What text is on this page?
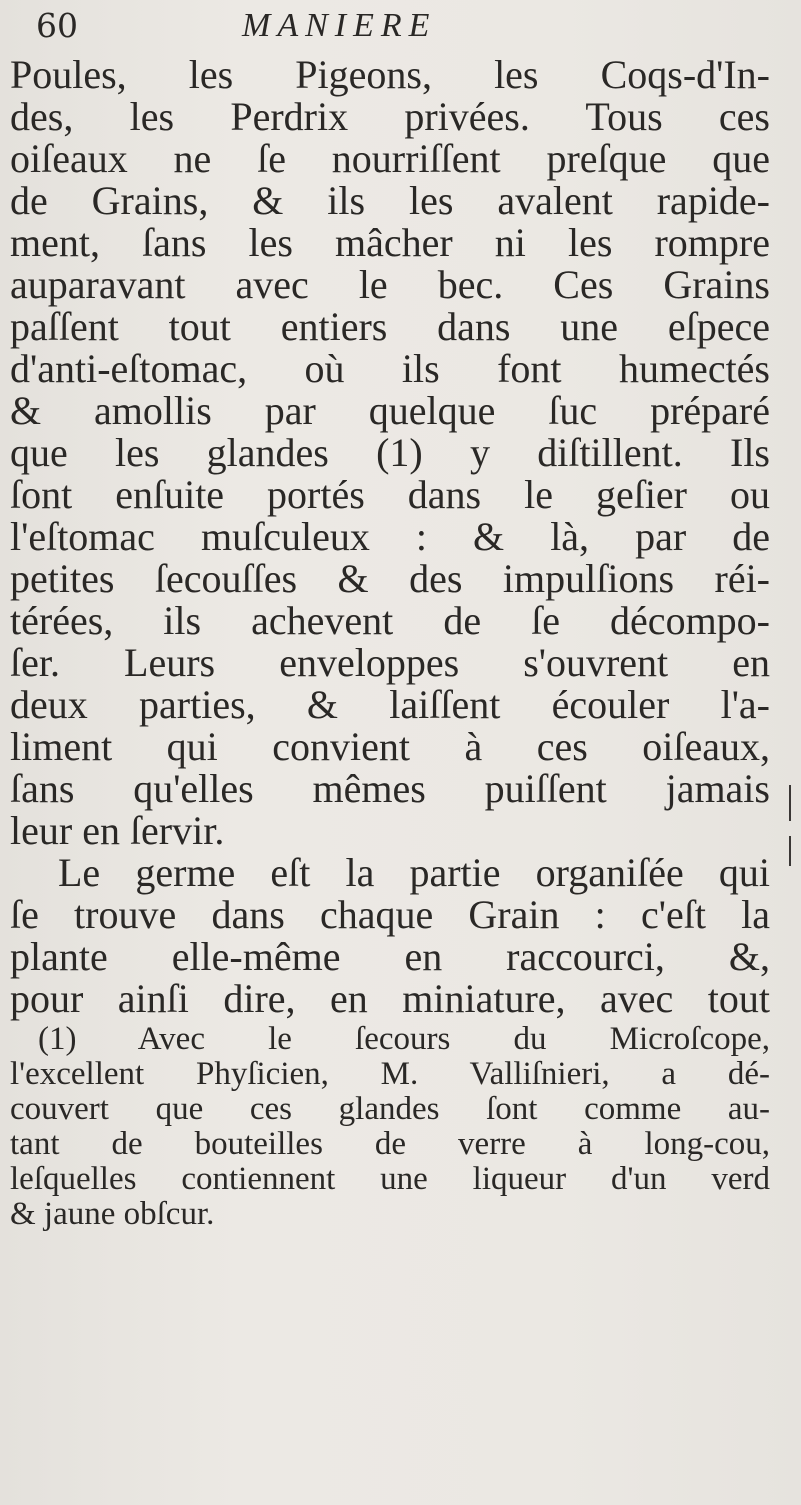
60	MANIERE
Poules, les Pigeons, les Coqs-d'In-
des, les Perdrix privées. Tous ces
oiſeaux ne ſe nourriſſent preſque que
de Grains, & ils les avalent rapide-
ment, ſans les mâcher ni les rompre
auparavant avec le bec. Ces Grains
paſſent tout entiers dans une eſpece
d'anti-eſtomac, où ils font humectés
& amollis par quelque ſuc préparé
que les glandes (1) y diſtillent. Ils
ſont enſuite portés dans le geſier ou
l'eſtomac muſculeux : & là, par de
petites ſecouſſes & des impulſions réi-
térées, ils achevent de ſe décompo-
ſer. Leurs enveloppes s'ouvrent en
deux parties, & laiſſent écouler l'a-
liment qui convient à ces oiſeaux,
ſans qu'elles mêmes puiſſent jamais
leur en ſervir.
Le germe eſt la partie organiſée qui
ſe trouve dans chaque Grain : c'eſt la
plante elle-même en raccourci, &,
pour ainſi dire, en miniature, avec tout
(1) Avec le ſecours du Microſcope,
l'excellent Phyſicien, M. Valliſnieri, a dé-
couvert que ces glandes ſont comme au-
tant de bouteilles de verre à long-cou,
leſquelles contiennent une liqueur d'un verd
& jaune obſcur.
